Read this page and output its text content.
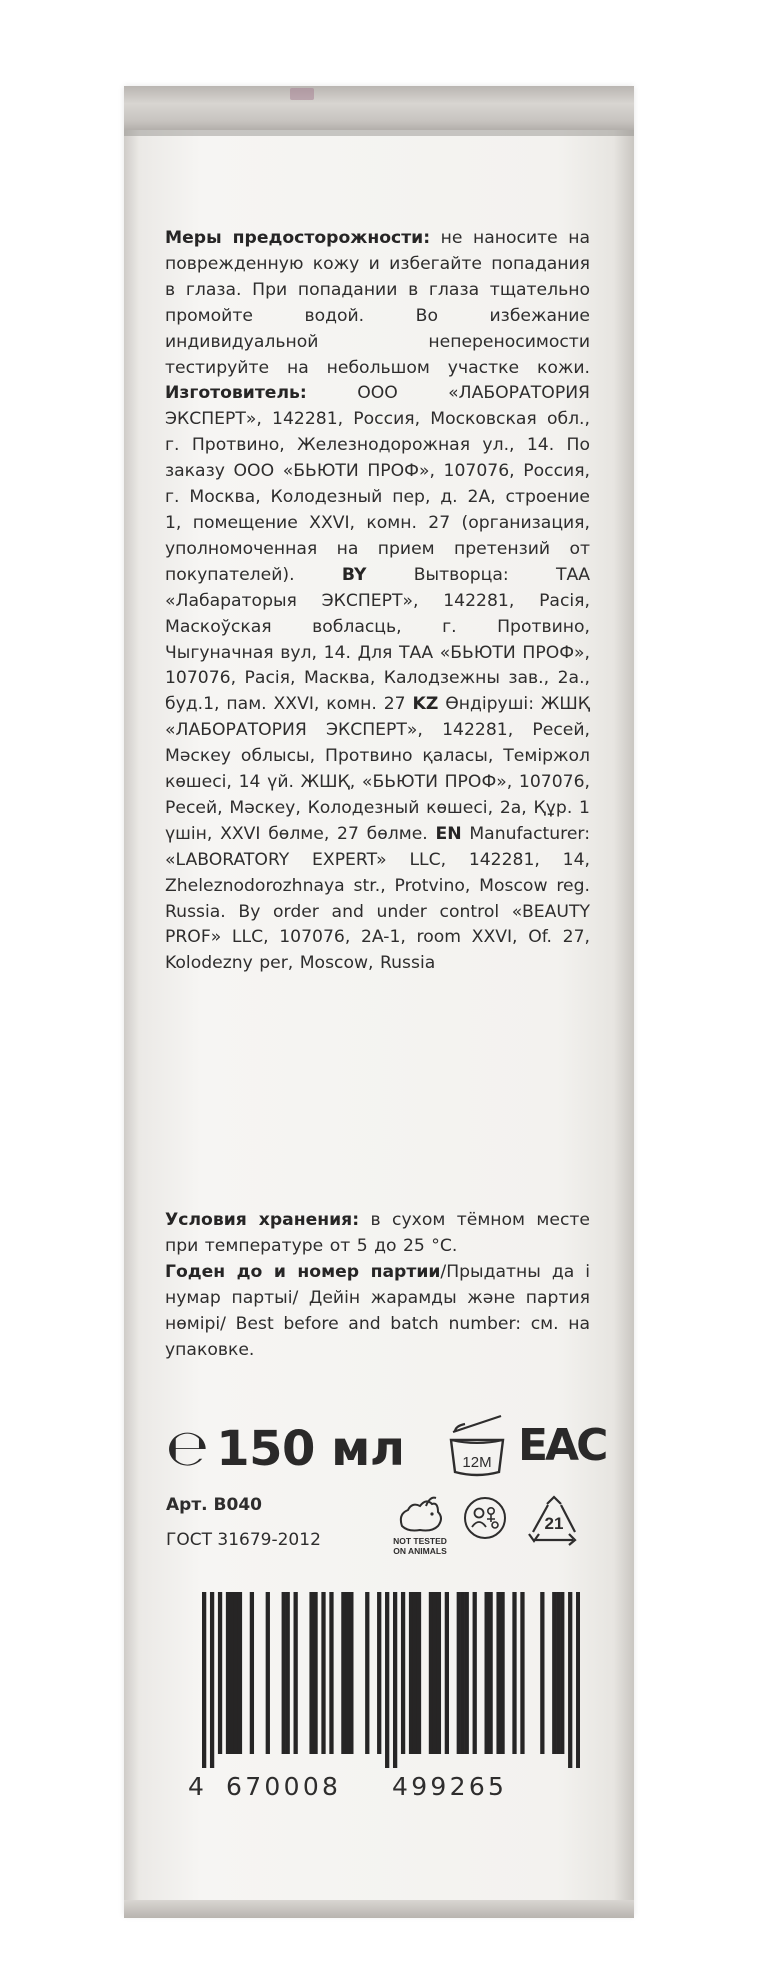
Меры предосторожности: не наносите на поврежденную кожу и избегайте попадания в глаза. При попадании в глаза тщательно промойте водой. Во избежание индивидуальной непереносимости тестируйте на небольшом участке кожи. Изготовитель: ООО «ЛАБОРАТОРИЯ ЭКСПЕРТ», 142281, Россия, Московская обл., г. Протвино, Железнодорожная ул., 14. По заказу ООО «БЬЮТИ ПРОФ», 107076, Россия, г. Москва, Колодезный пер, д. 2А, строение 1, помещение XXVI, комн. 27 (организация, уполномоченная на прием претензий от покупателей).	BY Вытворца: ТАА «Лабараторыя ЭКСПЕРТ», 142281, Расія, Маскоўская вобласць, г. Протвино, Чыгуначная вул, 14. Для ТАА «БЬЮТИ ПРОФ», 107076, Расія, Масква, Калодзежны зав., 2а., буд.1, пам. XXVI, комн. 27 KZ Өндіруші: ЖШҚ «ЛАБОРАТОРИЯ ЭКСПЕРТ», 142281, Ресей, Мәскеу облысы, Протвино қаласы, Теміржол көшесі, 14 үй. ЖШҚ, «БЬЮТИ ПРОФ», 107076, Ресей, Мәскеу, Колодезный көшесі, 2а, Құр. 1 үшін, XXVI бөлме, 27 бөлме. EN Manufacturer: «LABORATORY EXPERT» LLC, 142281, 14, Zheleznodorozhnaya str., Protvino, Moscow reg. Russia. By order and under control «BEAUTY PROF» LLC, 107076, 2A-1, room XXVI, Of. 27, Kolodezny per, Moscow, Russia
Условия хранения: в сухом тёмном месте при температуре от 5 до 25 °C.
Годен до и номер партии/Прыдатны да і нумар партыі/ Дейін жарамды және партия нөмірі/ Best before and batch number: см. на упаковке.
℮ 150 мл	12M ЕАС
Арт. B040
ГОСТ 31679-2012	NOT TESTED
ON ANIMALS
21
4 670008 499265
